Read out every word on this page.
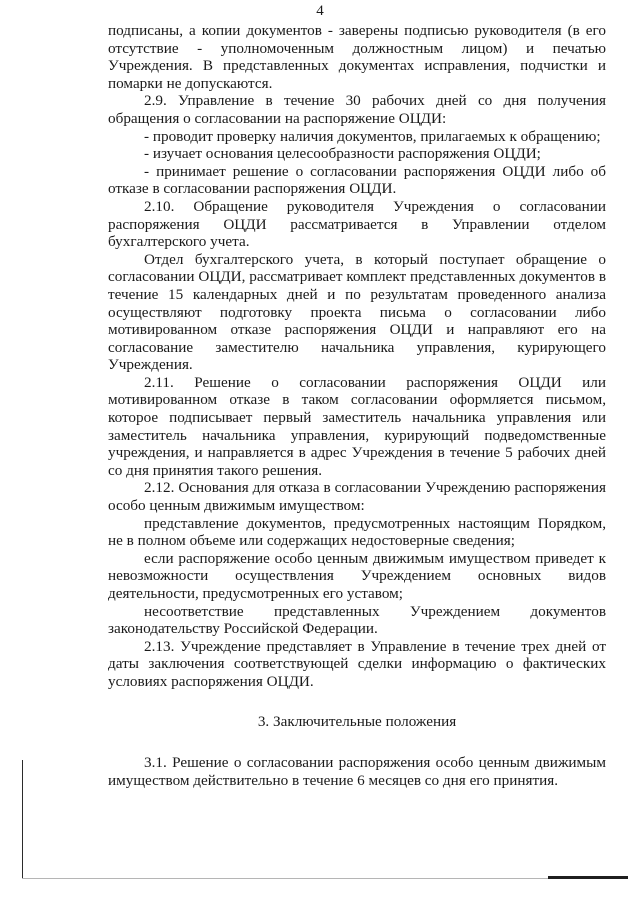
4

подписаны, а копии документов - заверены подписью руководителя (в его отсутствие - уполномоченным должностным лицом) и печатью Учреждения. В представленных документах исправления, подчистки и помарки не допускаются.

2.9. Управление в течение 30 рабочих дней со дня получения обращения о согласовании на распоряжение ОЦДИ:

- проводит проверку наличия документов, прилагаемых к обращению;

- изучает основания целесообразности распоряжения ОЦДИ;

- принимает решение о согласовании распоряжения ОЦДИ либо об отказе в согласовании распоряжения ОЦДИ.

2.10. Обращение руководителя Учреждения о согласовании распоряжения ОЦДИ рассматривается в Управлении отделом бухгалтерского учета.

Отдел бухгалтерского учета, в который поступает обращение о согласовании ОЦДИ, рассматривает комплект представленных документов в течение 15 календарных дней и по результатам проведенного анализа осуществляют подготовку проекта письма о согласовании либо мотивированном отказе распоряжения ОЦДИ и направляют его на согласование заместителю начальника управления, курирующего Учреждения.

2.11. Решение о согласовании распоряжения ОЦДИ или мотивированном отказе в таком согласовании оформляется письмом, которое подписывает первый заместитель начальника управления или заместитель начальника управления, курирующий подведомственные учреждения, и направляется в адрес Учреждения в течение 5 рабочих дней со дня принятия такого решения.

2.12. Основания для отказа в согласовании Учреждению распоряжения особо ценным движимым имуществом:

представление документов, предусмотренных настоящим Порядком, не в полном объеме или содержащих недостоверные сведения;

если распоряжение особо ценным движимым имуществом приведет к невозможности осуществления Учреждением основных видов деятельности, предусмотренных его уставом;

несоответствие представленных Учреждением документов законодательству Российской Федерации.

2.13. Учреждение представляет в Управление в течение трех дней от даты заключения соответствующей сделки информацию о фактических условиях распоряжения ОЦДИ.

3. Заключительные положения

3.1. Решение о согласовании распоряжения особо ценным движимым имуществом действительно в течение 6 месяцев со дня его принятия.
